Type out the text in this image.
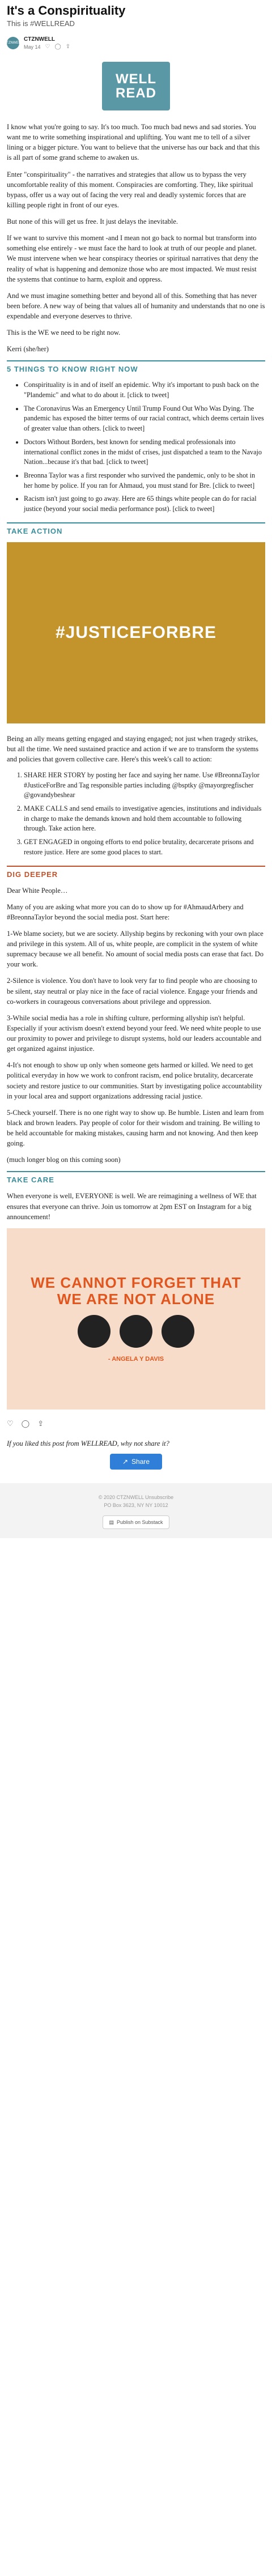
It's a Conspirituality
This is #WELLREAD
CTZNWELL
CTZNWELL
May 14 ♡ ◯ ⇪
WELL
READ

I know what you're going to say. It's too much. Too much bad news and sad stories. You want me to write something inspirational and uplifting. You want me to tell of a silver lining or a bigger picture. You want to believe that the universe has our back and that this is all part of some grand scheme to awaken us.

Enter "conspirituality" - the narratives and strategies that allow us to bypass the very uncomfortable reality of this moment. Conspiracies are comforting. They, like spiritual bypass, offer us a way out of facing the very real and deadly systemic forces that are killing people right in front of our eyes.

But none of this will get us free. It just delays the inevitable.

If we want to survive this moment -and I mean not go back to normal but transform into something else entirely - we must face the hard to look at truth of our people and planet. We must intervene when we hear conspiracy theories or spiritual narratives that deny the reality of what is happening and demonize those who are most impacted. We must resist the systems that continue to harm, exploit and oppress.

And we must imagine something better and beyond all of this. Something that has never been before. A new way of being that values all of humanity and understands that no one is expendable and everyone deserves to thrive.

This is the WE we need to be right now.

Kerri (she/her)

5 THINGS TO KNOW RIGHT NOW
• Conspirituality is in and of itself an epidemic. Why it's important to push back on the "Plandemic" and what to do about it. [click to tweet]
• The Coronavirus Was an Emergency Until Trump Found Out Who Was Dying. The pandemic has exposed the bitter terms of our racial contract, which deems certain lives of greater value than others. [click to tweet]
• Doctors Without Borders, best known for sending medical professionals into international conflict zones in the midst of crises, just dispatched a team to the Navajo Nation...because it's that bad. [click to tweet]
• Breonna Taylor was a first responder who survived the pandemic, only to be shot in her home by police. If you ran for Ahmaud, you must stand for Bre. [click to tweet]
• Racism isn't just going to go away. Here are 65 things white people can do for racial justice (beyond your social media performance post). [click to tweet]
TAKE ACTION
#JUSTICEFORBRE

Being an ally means getting engaged and staying engaged; not just when tragedy strikes, but all the time. We need sustained practice and action if we are to transform the systems and policies that govern collective care. Here's this week's call to action:

1. SHARE HER STORY by posting her face and saying her name. Use #BreonnaTaylor #JusticeForBre and Tag responsible parties including @bsptky @mayorgregfischer @govandybeshear
2. MAKE CALLS and send emails to investigative agencies, institutions and individuals in charge to make the demands known and hold them accountable to following through. Take action here.
3. GET ENGAGED in ongoing efforts to end police brutality, decarcerate prisons and restore justice. Here are some good places to start.
DIG DEEPER

Dear White People…

Many of you are asking what more you can do to show up for #AhmaudArbery and #BreonnaTaylor beyond the social media post. Start here:

1-We blame society, but we are society. Allyship begins by reckoning with your own place and privilege in this system. All of us, white people, are complicit in the system of white supremacy because we all benefit. No amount of social media posts can erase that fact. Do your work.

2-Silence is violence. You don't have to look very far to find people who are choosing to be silent, stay neutral or play nice in the face of racial violence. Engage your friends and co-workers in courageous conversations about privilege and oppression.

3-While social media has a role in shifting culture, performing allyship isn't helpful. Especially if your activism doesn't extend beyond your feed. We need white people to use our proximity to power and privilege to disrupt systems, hold our leaders accountable and get organized against injustice.

4-It's not enough to show up only when someone gets harmed or killed. We need to get political everyday in how we work to confront racism, end police brutality, decarcerate society and restore justice to our communities. Start by investigating police accountability in your local area and support organizations addressing racial justice.

5-Check yourself. There is no one right way to show up. Be humble. Listen and learn from black and brown leaders. Pay people of color for their wisdom and training. Be willing to be held accountable for making mistakes, causing harm and not knowing. And then keep going.

(much longer blog on this coming soon)

TAKE CARE

When everyone is well, EVERYONE is well. We are reimagining a wellness of WE that ensures that everyone can thrive. Join us tomorrow at 2pm EST on Instagram for a big announcement!

WE CANNOT FORGET THAT WE ARE NOT ALONE
- ANGELA Y DAVIS
♡ ◯ ⇪

If you liked this post from WELLREAD, why not share it?

↗ Share
© 2020 CTZNWELL Unsubscribe
PO Box 3623, NY NY 10012
▤ Publish on Substack
